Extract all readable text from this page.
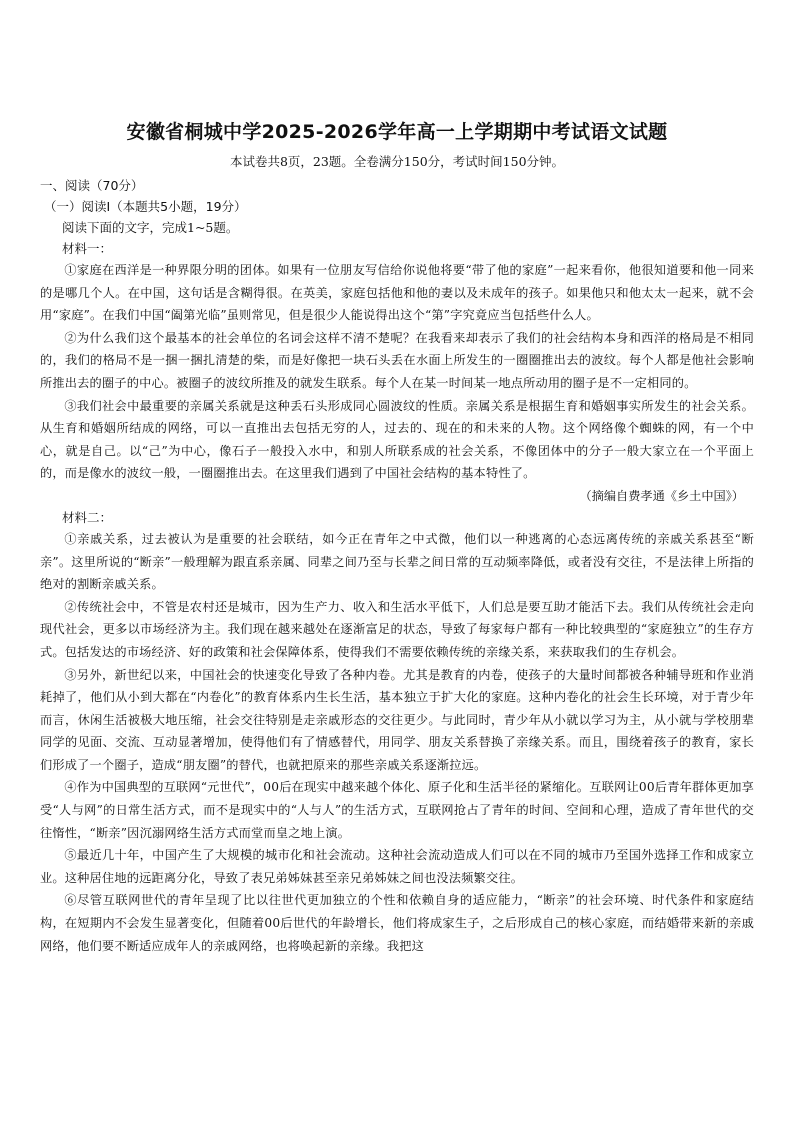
安徽省桐城中学2025-2026学年高一上学期期中考试语文试题

本试卷共8页，23题。全卷满分150分，考试时间150分钟。

一、阅读（70分）

（一）阅读Ⅰ（本题共5小题，19分）

阅读下面的文字，完成1~5题。

材料一：

①家庭在西洋是一种界限分明的团体。如果有一位朋友写信给你说他将要“带了他的家庭”一起来看你，他很知道要和他一同来的是哪几个人。在中国，这句话是含糊得很。在英美，家庭包括他和他的妻以及未成年的孩子。如果他只和他太太一起来，就不会用“家庭”。在我们中国“阖第光临”虽则常见，但是很少人能说得出这个“第”字究竟应当包括些什么人。

②为什么我们这个最基本的社会单位的名词会这样不清不楚呢？在我看来却表示了我们的社会结构本身和西洋的格局是不相同的，我们的格局不是一捆一捆扎清楚的柴，而是好像把一块石头丢在水面上所发生的一圈圈推出去的波纹。每个人都是他社会影响所推出去的圈子的中心。被圈子的波纹所推及的就发生联系。每个人在某一时间某一地点所动用的圈子是不一定相同的。

③我们社会中最重要的亲属关系就是这种丢石头形成同心圆波纹的性质。亲属关系是根据生育和婚姻事实所发生的社会关系。从生育和婚姻所结成的网络，可以一直推出去包括无穷的人，过去的、现在的和未来的人物。这个网络像个蜘蛛的网，有一个中心，就是自己。以“己”为中心，像石子一般投入水中，和别人所联系成的社会关系，不像团体中的分子一般大家立在一个平面上的，而是像水的波纹一般，一圈圈推出去。在这里我们遇到了中国社会结构的基本特性了。

（摘编自费孝通《乡土中国》）

材料二：

①亲戚关系，过去被认为是重要的社会联结，如今正在青年之中式微，他们以一种逃离的心态远离传统的亲戚关系甚至“断亲”。这里所说的“断亲”一般理解为跟直系亲属、同辈之间乃至与长辈之间日常的互动频率降低，或者没有交往，不是法律上所指的绝对的割断亲戚关系。

②传统社会中，不管是农村还是城市，因为生产力、收入和生活水平低下，人们总是要互助才能活下去。我们从传统社会走向现代社会，更多以市场经济为主。我们现在越来越处在逐渐富足的状态，导致了每家每户都有一种比较典型的“家庭独立”的生存方式。包括发达的市场经济、好的政策和社会保障体系，使得我们不需要依赖传统的亲缘关系，来获取我们的生存机会。

③另外，新世纪以来，中国社会的快速变化导致了各种内卷。尤其是教育的内卷，使孩子的大量时间都被各种辅导班和作业消耗掉了，他们从小到大都在“内卷化”的教育体系内生长生活，基本独立于扩大化的家庭。这种内卷化的社会生长环境，对于青少年而言，休闲生活被极大地压缩，社会交往特别是走亲戚形态的交往更少。与此同时，青少年从小就以学习为主，从小就与学校朋辈同学的见面、交流、互动显著增加，使得他们有了情感替代，用同学、朋友关系替换了亲缘关系。而且，围绕着孩子的教育，家长们形成了一个圈子，造成“朋友圈”的替代，也就把原来的那些亲戚关系逐渐拉远。

④作为中国典型的互联网“元世代”，00后在现实中越来越个体化、原子化和生活半径的紧缩化。互联网让00后青年群体更加享受“人与网”的日常生活方式，而不是现实中的“人与人”的生活方式，互联网抢占了青年的时间、空间和心理，造成了青年世代的交往惰性，“断亲”因沉溺网络生活方式而堂而皇之地上演。

⑤最近几十年，中国产生了大规模的城市化和社会流动。这种社会流动造成人们可以在不同的城市乃至国外选择工作和成家立业。这种居住地的远距离分化，导致了表兄弟姊妹甚至亲兄弟姊妹之间也没法频繁交往。

⑥尽管互联网世代的青年呈现了比以往世代更加独立的个性和依赖自身的适应能力，“断亲”的社会环境、时代条件和家庭结构，在短期内不会发生显著变化，但随着00后世代的年龄增长，他们将成家生子，之后形成自己的核心家庭，而结婚带来新的亲戚网络，他们要不断适应成年人的亲戚网络，也将唤起新的亲缘。我把这
